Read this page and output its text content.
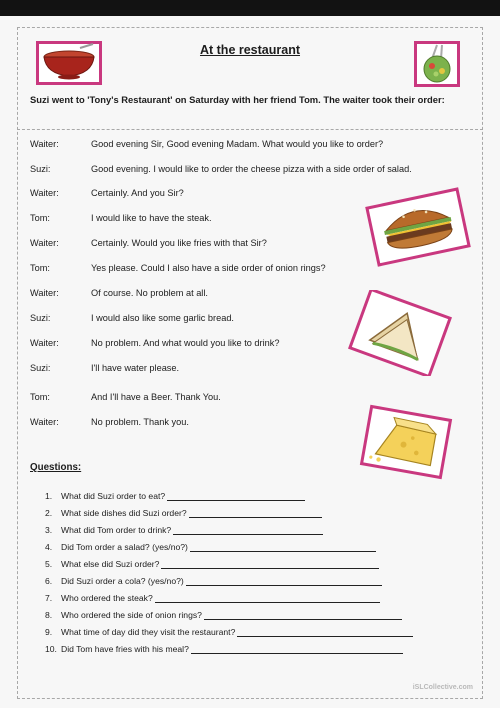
At the restaurant
Suzi went to 'Tony's Restaurant' on Saturday with her friend Tom. The waiter took their order:
Waiter:	Good evening Sir, Good evening Madam. What would you like to order?
Suzi:	Good evening. I would like to order the cheese pizza with a side order of salad.
Waiter:	Certainly. And you Sir?
Tom:	I would like to have the steak.
Waiter:	Certainly. Would you like fries with that Sir?
Tom:	Yes please. Could I also have a side order of onion rings?
Waiter:	Of course. No problem at all.
Suzi:	I would also like some garlic bread.
Waiter:	No problem. And what would you like to drink?
Suzi:	I'll have water please.
Tom:	And I'll have a Beer. Thank You.
Waiter:	No problem. Thank you.
Questions:
1.	What did Suzi order to eat?
2.	What side dishes did Suzi order?
3.	What did Tom order to drink?
4.	Did Tom order a salad? (yes/no?)
5.	What else did Suzi order?
6.	Did Suzi order a cola? (yes/no?)
7.	Who ordered the steak?
8.	Who ordered the side of onion rings?
9.	What time of day did they visit the restaurant?
10. Did Tom have fries with his meal?
iSLCollective.com
